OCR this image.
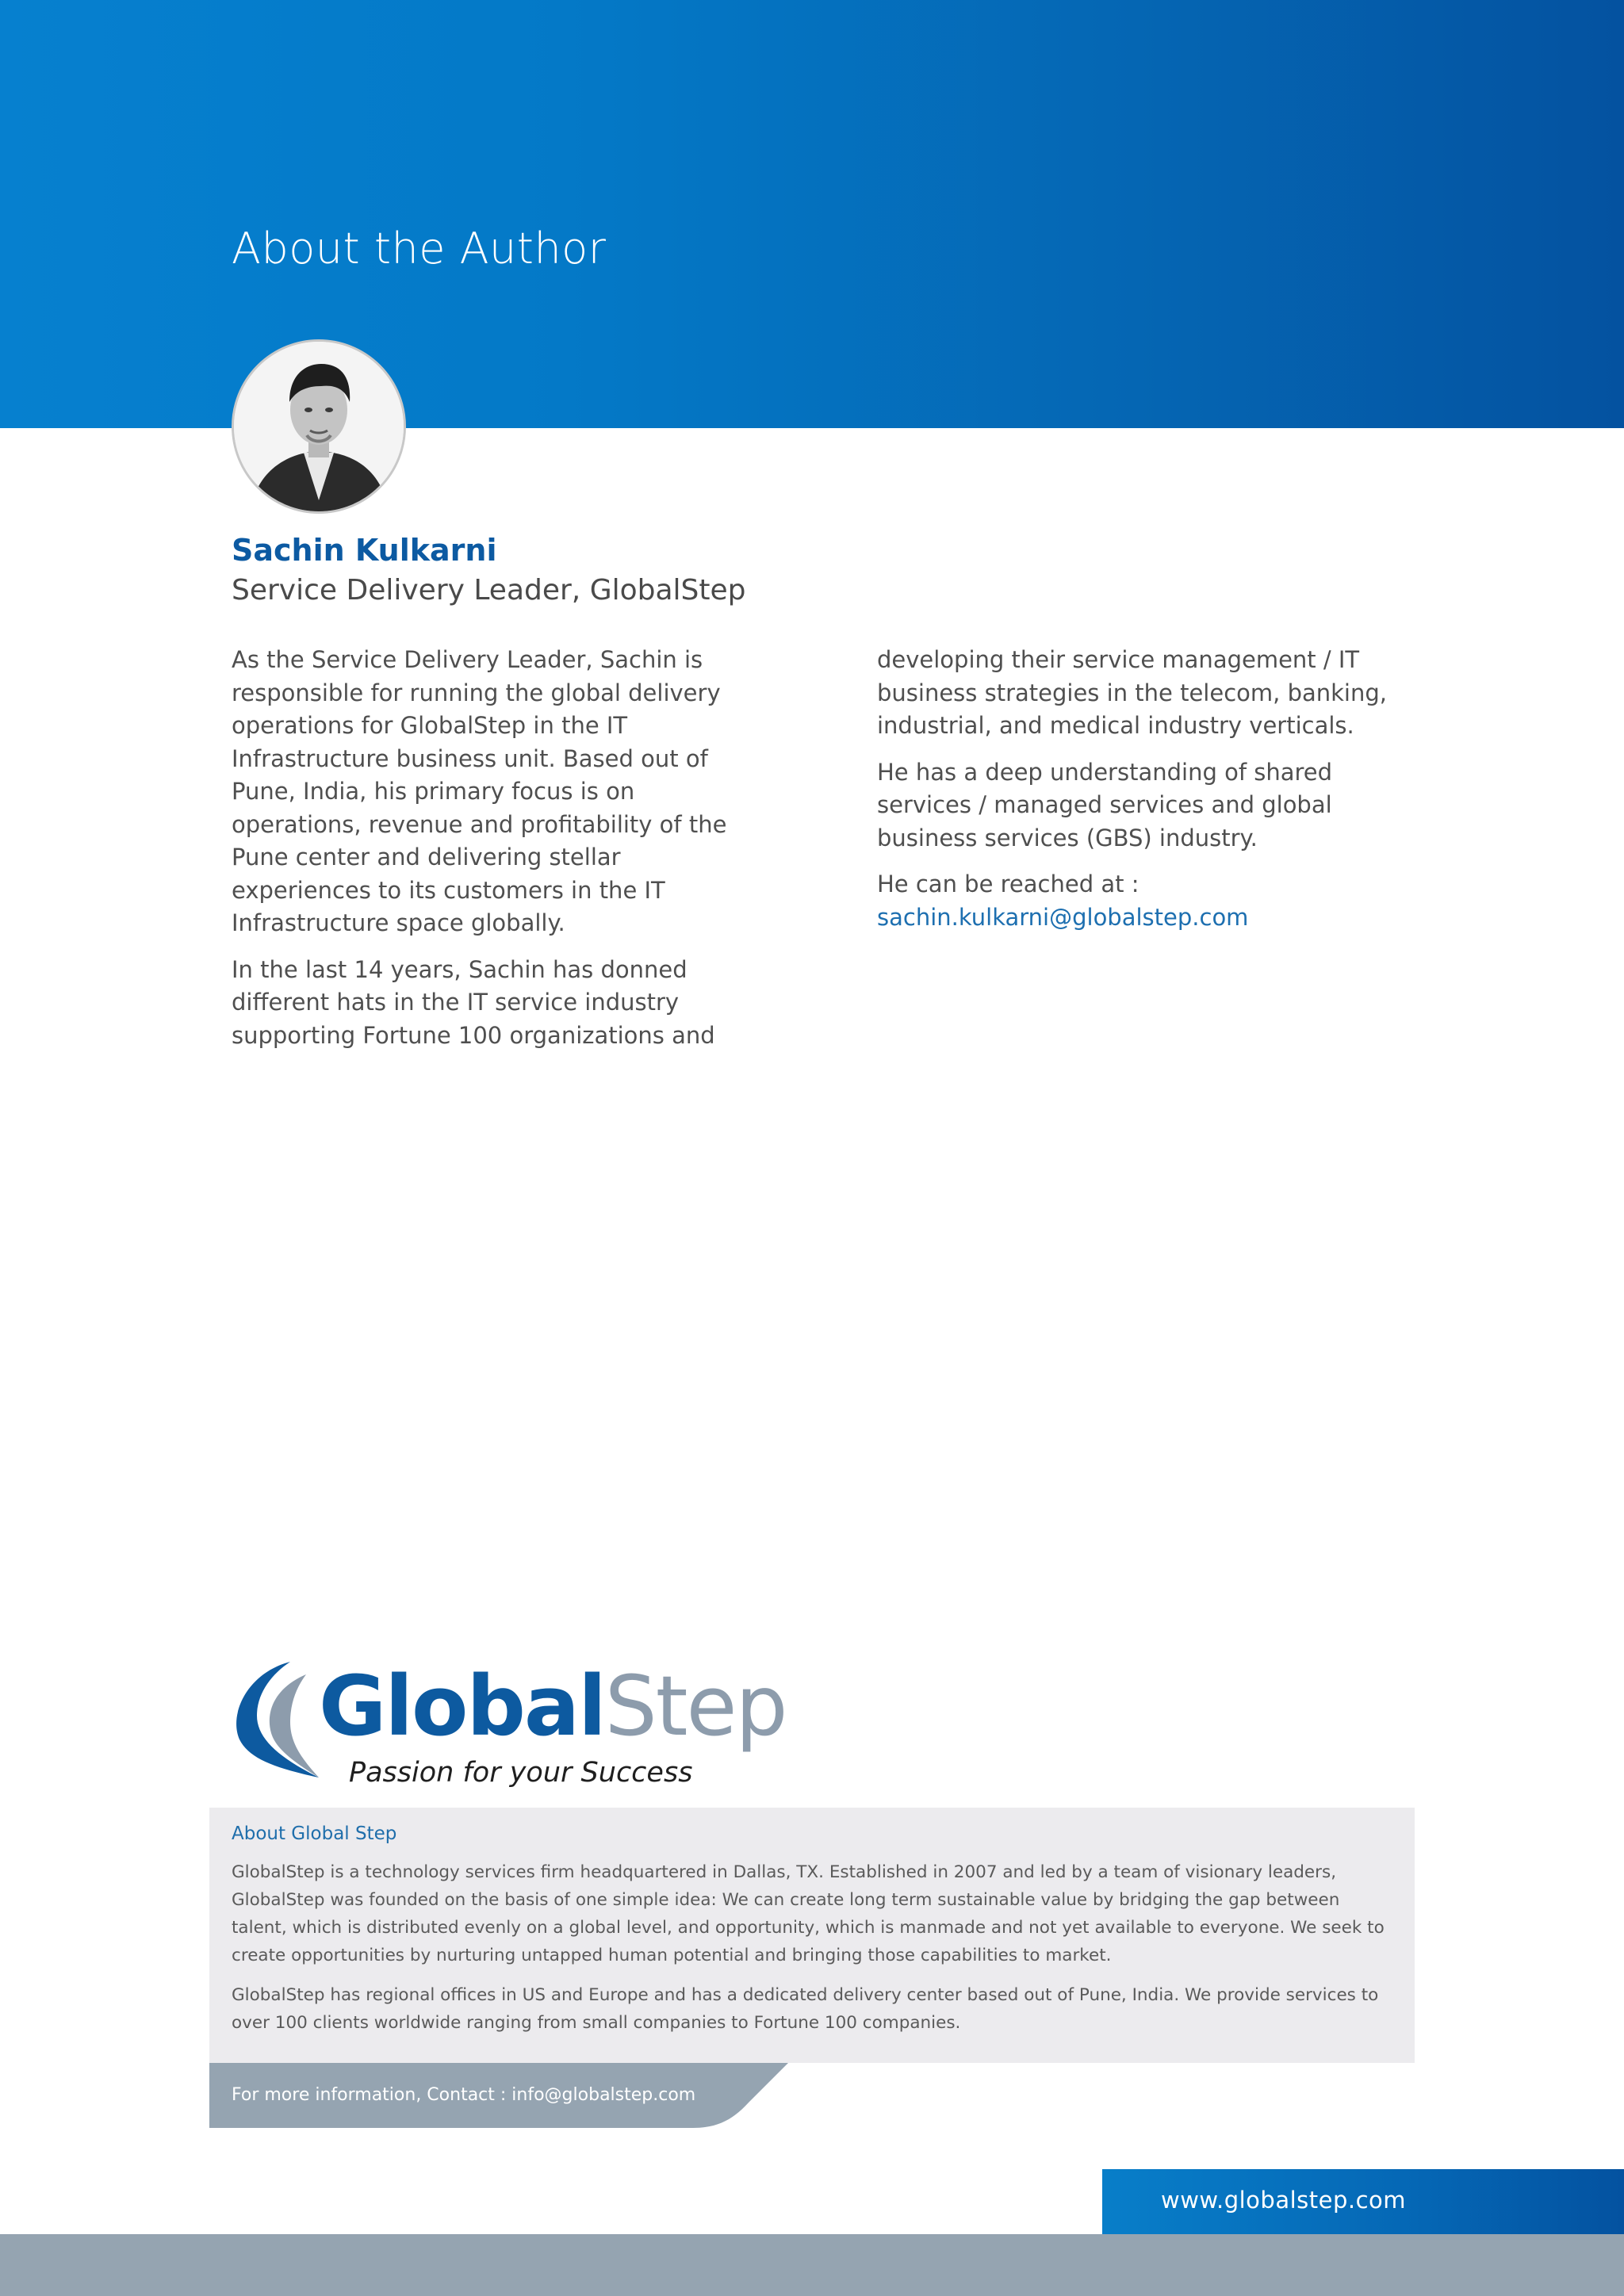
About the Author
Sachin Kulkarni

Service Delivery Leader, GlobalStep

As the Service Delivery Leader, Sachin is responsible for running the global delivery operations for GlobalStep in the IT Infrastructure business unit. Based out of Pune, India, his primary focus is on operations, revenue and profitability of the Pune center and delivering stellar experiences to its customers in the IT Infrastructure space globally.

In the last 14 years, Sachin has donned different hats in the IT service industry supporting Fortune 100 organizations and

developing their service management / IT business strategies in the telecom, banking, industrial, and medical industry verticals.

He has a deep understanding of shared services / managed services and global business services (GBS) industry.

He can be reached at :
sachin.kulkarni@globalstep.com

GlobalStep

Passion for your Success

About Global Step

GlobalStep is a technology services firm headquartered in Dallas, TX. Established in 2007 and led by a team of visionary leaders, GlobalStep was founded on the basis of one simple idea: We can create long term sustainable value by bridging the gap between talent, which is distributed evenly on a global level, and opportunity, which is manmade and not yet available to everyone. We seek to create opportunities by nurturing untapped human potential and bringing those capabilities to market.

GlobalStep has regional offices in US and Europe and has a dedicated delivery center based out of Pune, India. We provide services to over 100 clients worldwide ranging from small companies to Fortune 100 companies.

For more information, Contact : info@globalstep.com

www.globalstep.com
